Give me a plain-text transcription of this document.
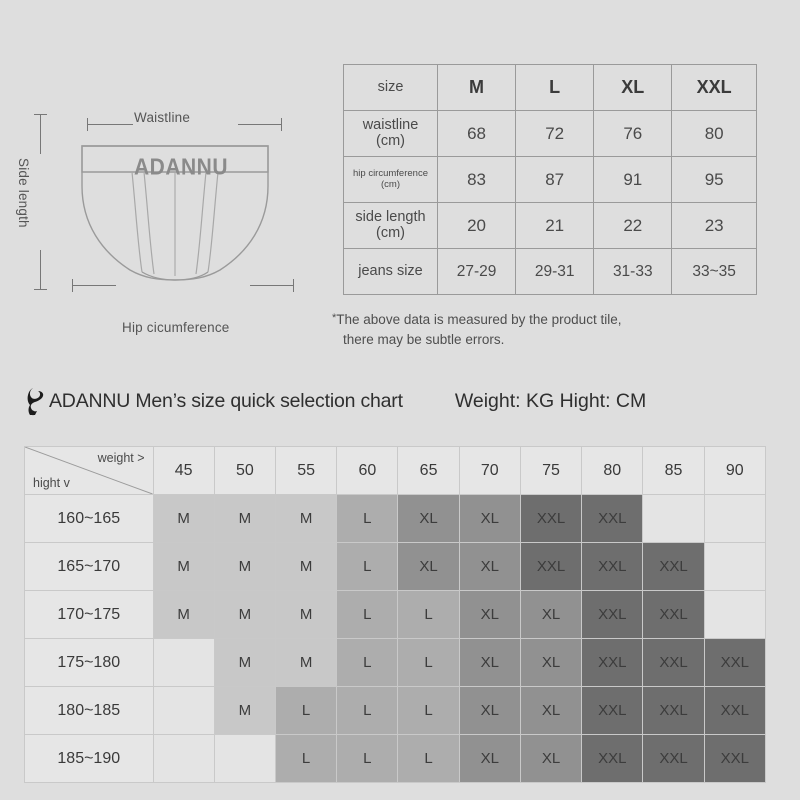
Waistline
Side length
Hip cicumference
ADANNU
size	M	L	XL	XXL
waistline
(cm)	68	72	76	80
hip circumference
(cm)	83	87	91	95
side length
(cm)	20	21	22	23
jeans size	27-29	29-31	31-33	33~35
*The above data is measured by the product tile,
there may be subtle errors.
ADANNU Men’s size quick selection chart	Weight: KG Hight: CM
weight >
hight v	45	50	55	60	65	70	75	80	85	90
160~165	M	M	M	L	XL	XL	XXL	XXL		
165~170	M	M	M	L	XL	XL	XXL	XXL	XXL	
170~175	M	M	M	L	L	XL	XL	XXL	XXL	
175~180		M	M	L	L	XL	XL	XXL	XXL	XXL
180~185		M	L	L	L	XL	XL	XXL	XXL	XXL
185~190			L	L	L	XL	XL	XXL	XXL	XXL
